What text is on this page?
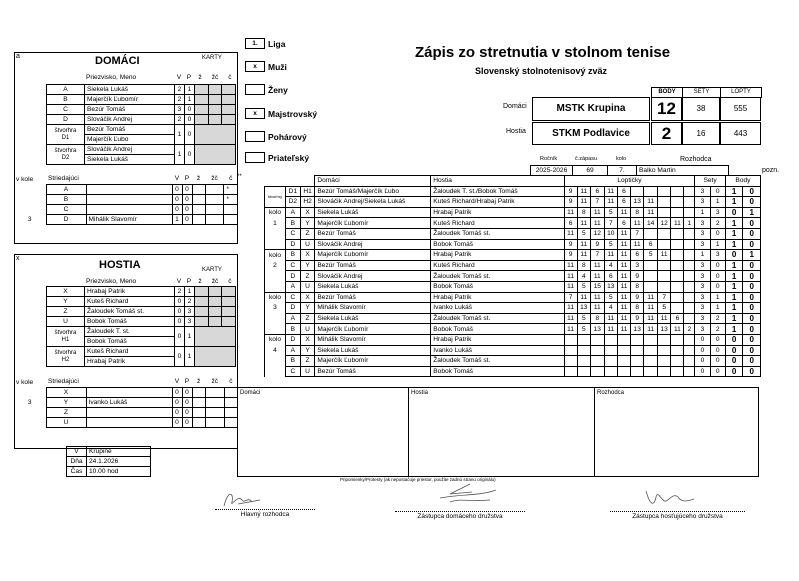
a	DOMÁCI	KARTY
	Priezvisko, Meno	V	P	ž	žč	č
A	Siekela Lukáš	2	1			
B	Majerčík Ľubomír	2	1			
C	Bezúr Tomáš	3	0			
D	Slováčik Andrej	2	0			
štvorhra
D1	Bezúr Tomáš	1	0			
	Majerčík Ľubo					
štvorhra
D2	Slováčik Andrej	1	0			
	Siekela Lukáš					
v kole	Striedajúci		V	P	ž	žč	č
	A		0	0			*
	B		0	0			*
	C		0	0			
3	D	Mihálik Slavomír	1	0			
x
HOSTIA	KARTY
	Priezvisko, Meno	V	P	ž	žč	č
X	Hrabaj Patrik	2	1			
Y	Kuteš Richard	0	2			
Z	Žaloudek Tomáš st.	0	3			
U	Bobok Tomáš	0	3			
štvorhra
H1	Žaloudek T. st.	0	1			
	Bobok Tomáš					
štvorhra
H2	Kuteš Richard	0	1			
	Hrabaj Patrik					
v kole	Striedajúci		V	P	ž	žč	č
	X		0	0			
3	Y	Ivanko Lukáš	0	0			
	Z		0	0			
	U		0	0			
V	Krupine
Dňa	24.1.2026
Čas	10.00 hod
1. Liga
x Muži
Ženy
x Majstrovský
Pohárový
Priateľský
Zápis zo stretnutia v stolnom tenise
Slovenský stolnotenisový zväz
BODY	SETY	LOPTY
Domáci	MSTK Krupina	12	38	555
Hostia	STKM Podlavice	2	16	443
Ročník	č.zápasu	kolo	Rozhodca
2025-2026	69	7.	Balko Martin	pozn.
			Domáci	Hostia	Loptičky										Sety		Body	
štvorhry	D1	H1	Bezúr Tomáš/Majerčík Ľubo	Žaloudek T. st./Bobok Tomáš	9	11	6	11	6						3	0	1	0
	D2	H2	Slováčik Andrej/Siekela Lukáš	Kuteš Richard/Hrabaj Patrik	9	11	7	11	6	13	11				3	1	1	0
kolo	A	X	Siekela Lukáš	Hrabaj Patrik	11	8	11	5	11	8	11				1	3	0	1
1	B	Y	Majerčík Ľubomír	Kuteš Richard	6	11	11	7	6	11	14	12	11	1	3	2	1	0
	C	Z	Bezúr Tomáš	Žaloudek Tomáš st.	11	5	12	10	11	7					3	0	1	0
	D	U	Slováčik Andrej	Bobok Tomáš	9	11	9	5	11	11	6				3	1	1	0
kolo	B	X	Majerčík Ľubomír	Hrabaj Patrik	9	11	7	11	11	6	5	11			1	3	0	1
2	C	Y	Bezúr Tomáš	Kuteš Richard	11	8	11	4	11	3					3	0	1	0
	D	Z	Slováčik Andrej	Žaloudek Tomáš st.	11	4	11	6	11	9					3	0	1	0
	A	U	Siekela Lukáš	Bobok Tomáš	11	5	15	13	11	8					3	0	1	0
kolo	C	X	Bezúr Tomáš	Hrabaj Patrik	7	11	11	5	11	9	11	7			3	1	1	0
3	D	Y	Mihálik Slavomír	Ivanko Lukáš	11	13	11	4	11	8	11	5			3	1	1	0
	A	Z	Siekela Lukáš	Žaloudek Tomáš st.	11	5	8	11	11	9	11	11	6		3	2	1	0
	B	U	Majerčík Ľubomír	Bobok Tomáš	11	5	13	11	11	13	11	13	11	2	3	2	1	0
kolo	D	X	Mihálik Slavomír	Hrabaj Patrik											0	0	0	0
4	A	Y	Siekela Lukáš	Ivanko Lukáš											0	0	0	0
	B	Z	Majerčík Ľubomír	Žaloudek Tomáš st.											0	0	0	0
	C	U	Bezúr Tomáš	Bobok Tomáš											0	0	0	0
**
Domáci	Hostia	Rozhodca
Pripomienky/Protesty (ak nepostačuje priestor, použite zadnú stranu originálu)
Hlavný rozhodca	Zástupca domáceho družstva	Zástupca hosťujúceho družstva
